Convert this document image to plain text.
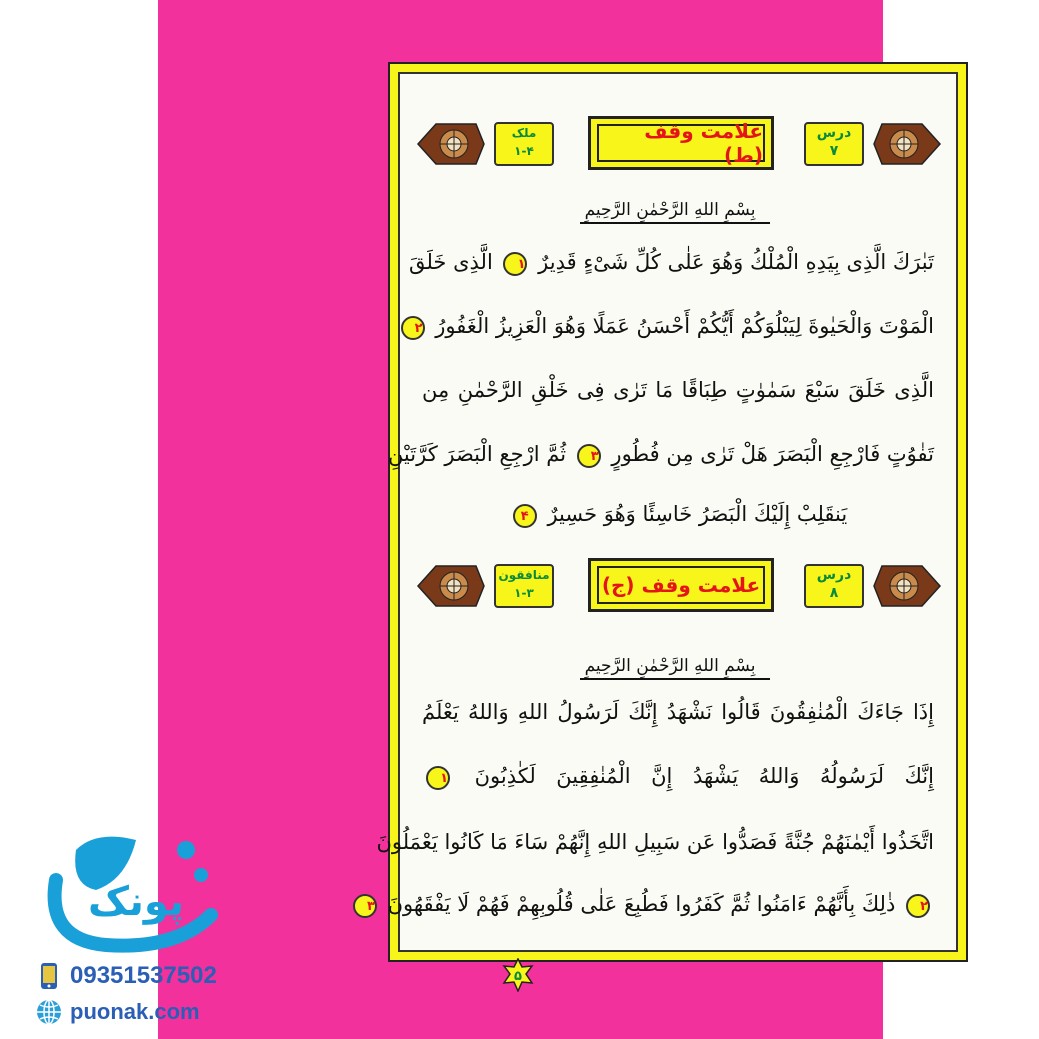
ملک
۱-۴
علامت وقف (ط)
درس
۷
بِسْمِ اللهِ الرَّحْمٰنِ الرَّحِيمِ
تَبٰرَكَ الَّذِى بِيَدِهِ الْمُلْكُ وَهُوَ عَلٰى كُلِّ شَىْءٍ قَدِيرٌ ۱ الَّذِى خَلَقَ
الْمَوْتَ وَالْحَيٰوةَ لِيَبْلُوَكُمْ أَيُّكُمْ أَحْسَنُ عَمَلًا وَهُوَ الْعَزِيزُ الْغَفُورُ ۲
الَّذِى خَلَقَ سَبْعَ سَمٰوٰتٍ طِبَاقًا مَا تَرٰى فِى خَلْقِ الرَّحْمٰنِ مِن
تَفٰوُتٍ فَارْجِعِ الْبَصَرَ هَلْ تَرٰى مِن فُطُورٍ ۳ ثُمَّ ارْجِعِ الْبَصَرَ كَرَّتَيْنِ
يَنقَلِبْ إِلَيْكَ الْبَصَرُ خَاسِئًا وَهُوَ حَسِيرٌ ۴
منافقون
۱-۳	علامت وقف (ج)	درس
۸
بِسْمِ اللهِ الرَّحْمٰنِ الرَّحِيمِ
إِذَا جَاءَكَ الْمُنٰفِقُونَ قَالُوا نَشْهَدُ إِنَّكَ لَرَسُولُ اللهِ وَاللهُ يَعْلَمُ
إِنَّكَ لَرَسُولُهُ وَاللهُ يَشْهَدُ إِنَّ الْمُنٰفِقِينَ لَكٰذِبُونَ ۱
اتَّخَذُوا أَيْمٰنَهُمْ جُنَّةً فَصَدُّوا عَن سَبِيلِ اللهِ إِنَّهُمْ سَاءَ مَا كَانُوا يَعْمَلُونَ
۲ ذٰلِكَ بِأَنَّهُمْ ءَامَنُوا ثُمَّ كَفَرُوا فَطُبِعَ عَلٰى قُلُوبِهِمْ فَهُمْ لَا يَفْقَهُونَ ۳
۵
پونک
09351537502
puonak.com
